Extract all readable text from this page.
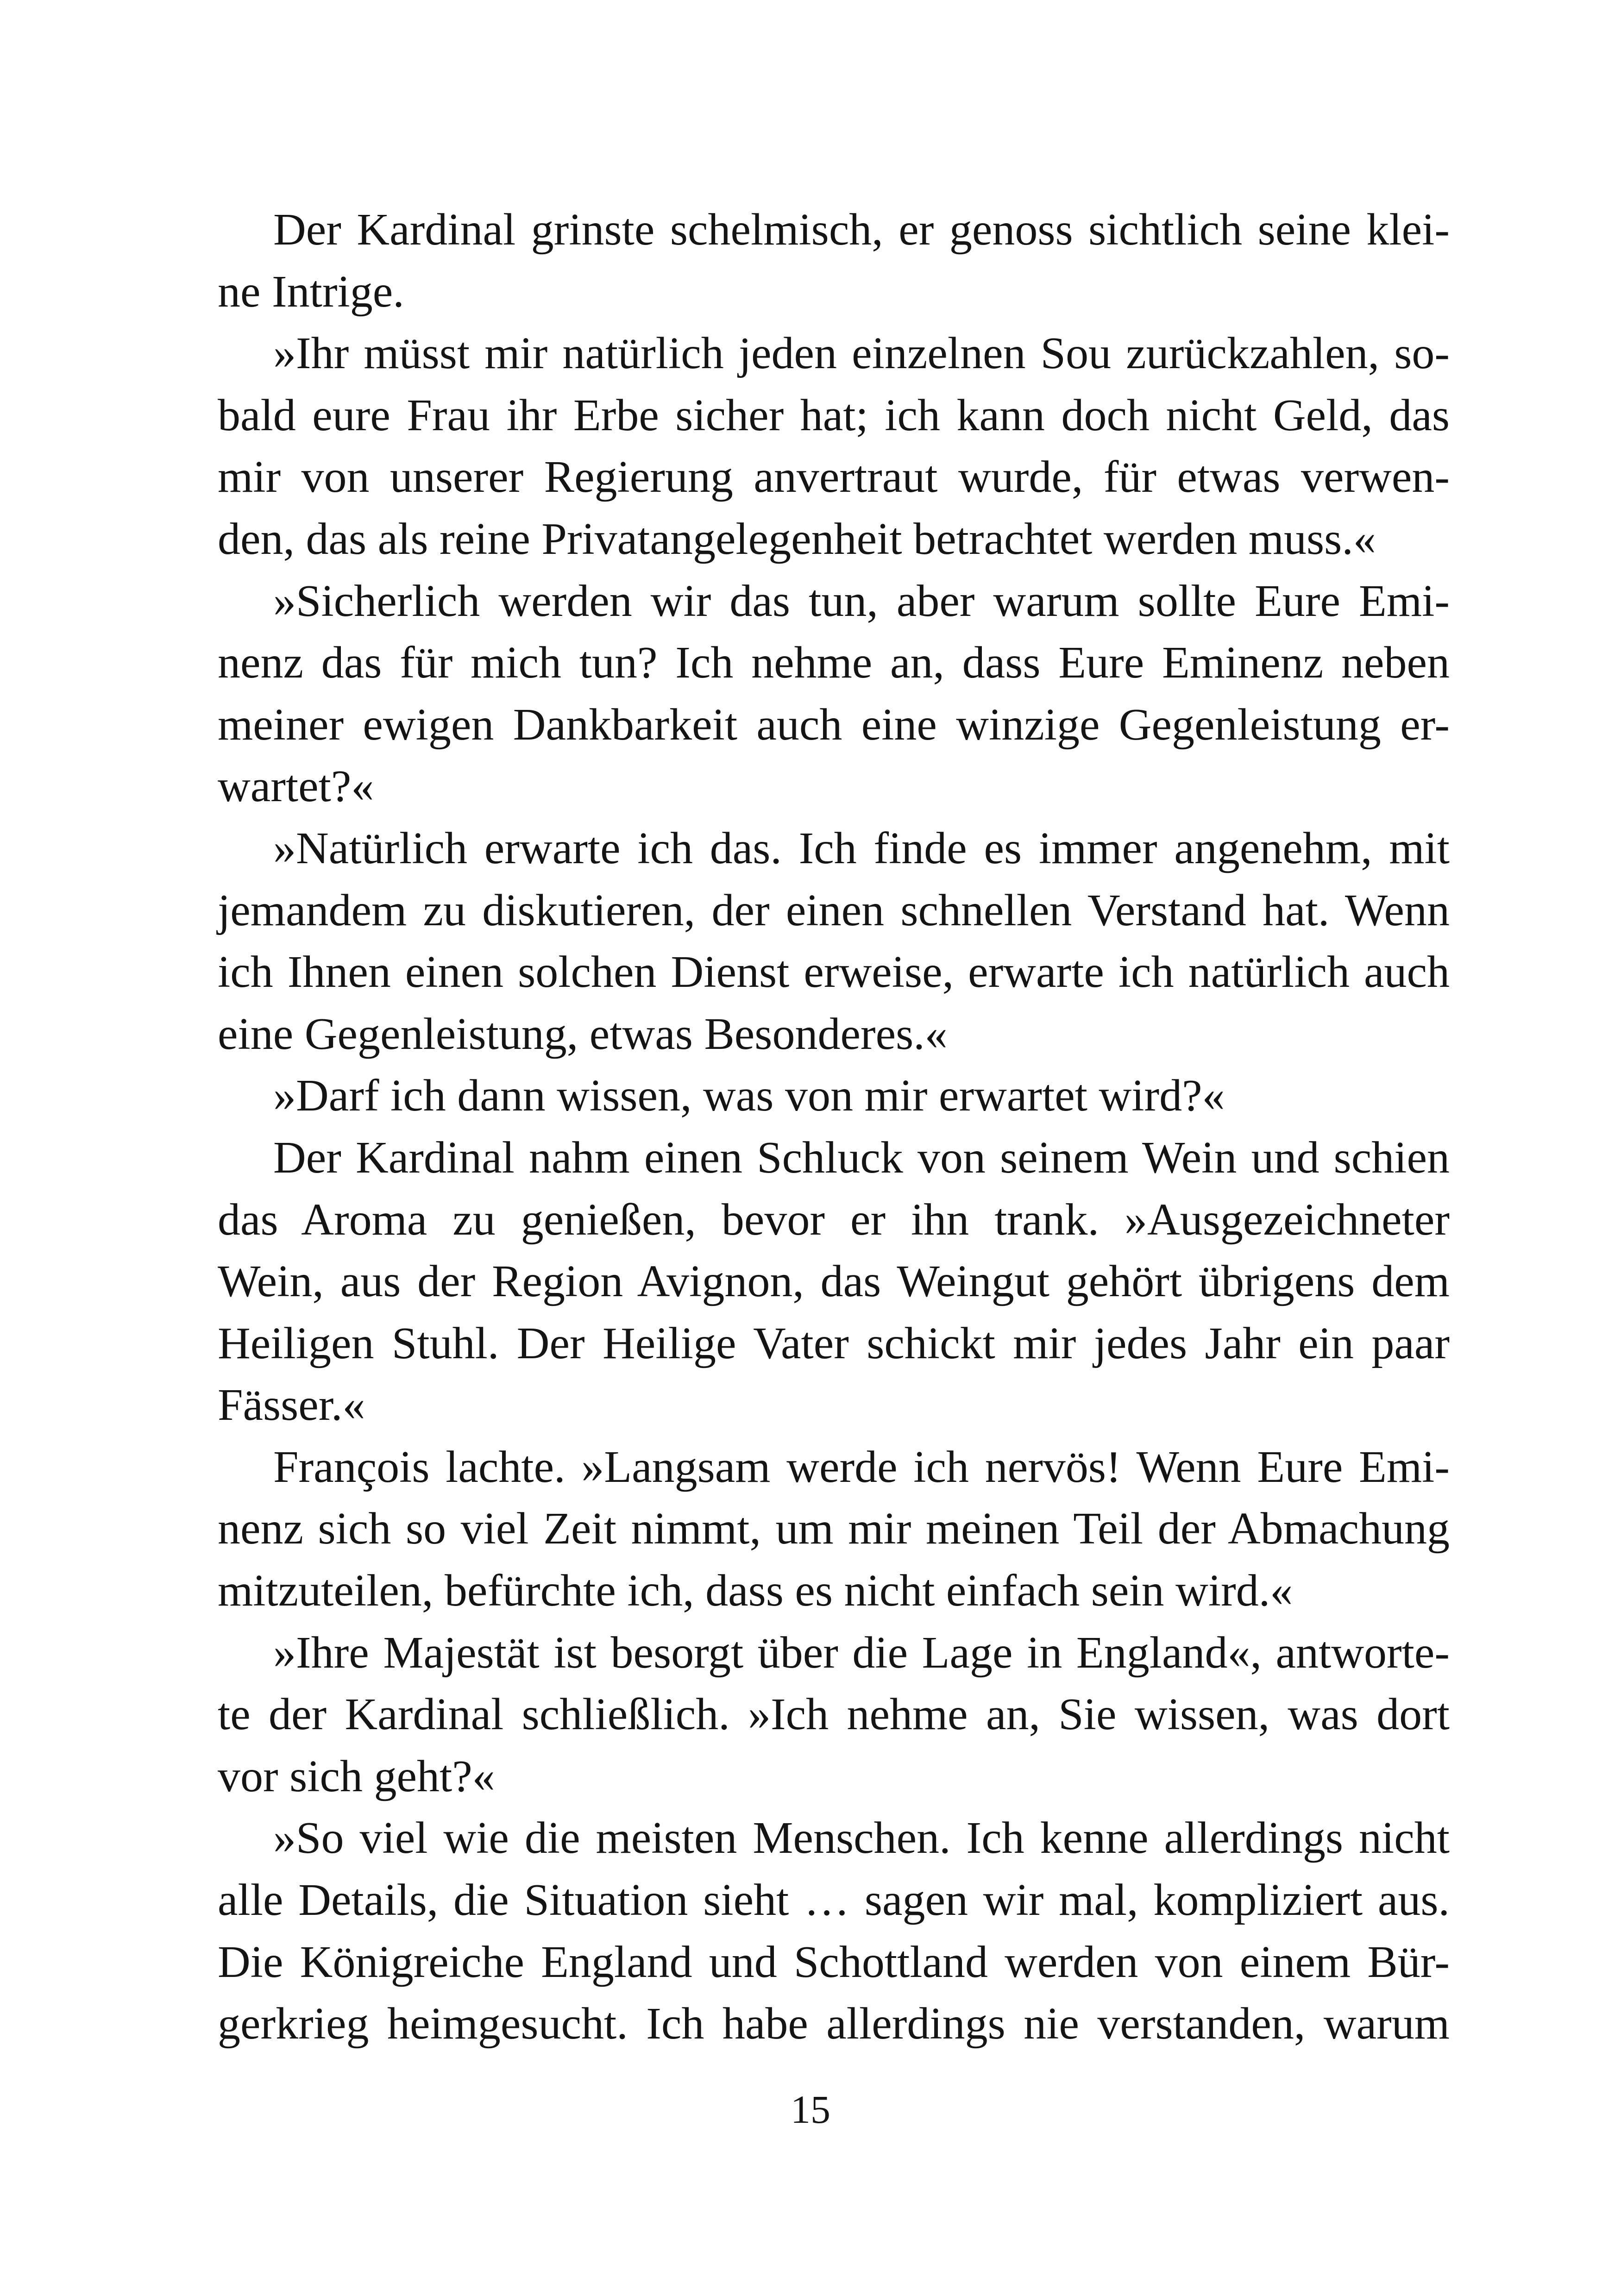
Der Kardinal grinste schelmisch, er genoss sichtlich seine klei-
ne Intrige.
»Ihr müsst mir natürlich jeden einzelnen Sou zurückzahlen, so-
bald eure Frau ihr Erbe sicher hat; ich kann doch nicht Geld, das
mir von unserer Regierung anvertraut wurde, für etwas verwen-
den, das als reine Privatangelegenheit betrachtet werden muss.«
»Sicherlich werden wir das tun, aber warum sollte Eure Emi-
nenz das für mich tun? Ich nehme an, dass Eure Eminenz neben
meiner ewigen Dankbarkeit auch eine winzige Gegenleistung er-
wartet?«
»Natürlich erwarte ich das. Ich finde es immer angenehm, mit
jemandem zu diskutieren, der einen schnellen Verstand hat. Wenn
ich Ihnen einen solchen Dienst erweise, erwarte ich natürlich auch
eine Gegenleistung, etwas Besonderes.«
»Darf ich dann wissen, was von mir erwartet wird?«
Der Kardinal nahm einen Schluck von seinem Wein und schien
das Aroma zu genießen, bevor er ihn trank. »Ausgezeichneter
Wein, aus der Region Avignon, das Weingut gehört übrigens dem
Heiligen Stuhl. Der Heilige Vater schickt mir jedes Jahr ein paar
Fässer.«
François lachte. »Langsam werde ich nervös! Wenn Eure Emi-
nenz sich so viel Zeit nimmt, um mir meinen Teil der Abmachung
mitzuteilen, befürchte ich, dass es nicht einfach sein wird.«
»Ihre Majestät ist besorgt über die Lage in England«, antworte-
te der Kardinal schließlich. »Ich nehme an, Sie wissen, was dort
vor sich geht?«
»So viel wie die meisten Menschen. Ich kenne allerdings nicht
alle Details, die Situation sieht … sagen wir mal, kompliziert aus.
Die Königreiche England und Schottland werden von einem Bür-
gerkrieg heimgesucht. Ich habe allerdings nie verstanden, warum
15
